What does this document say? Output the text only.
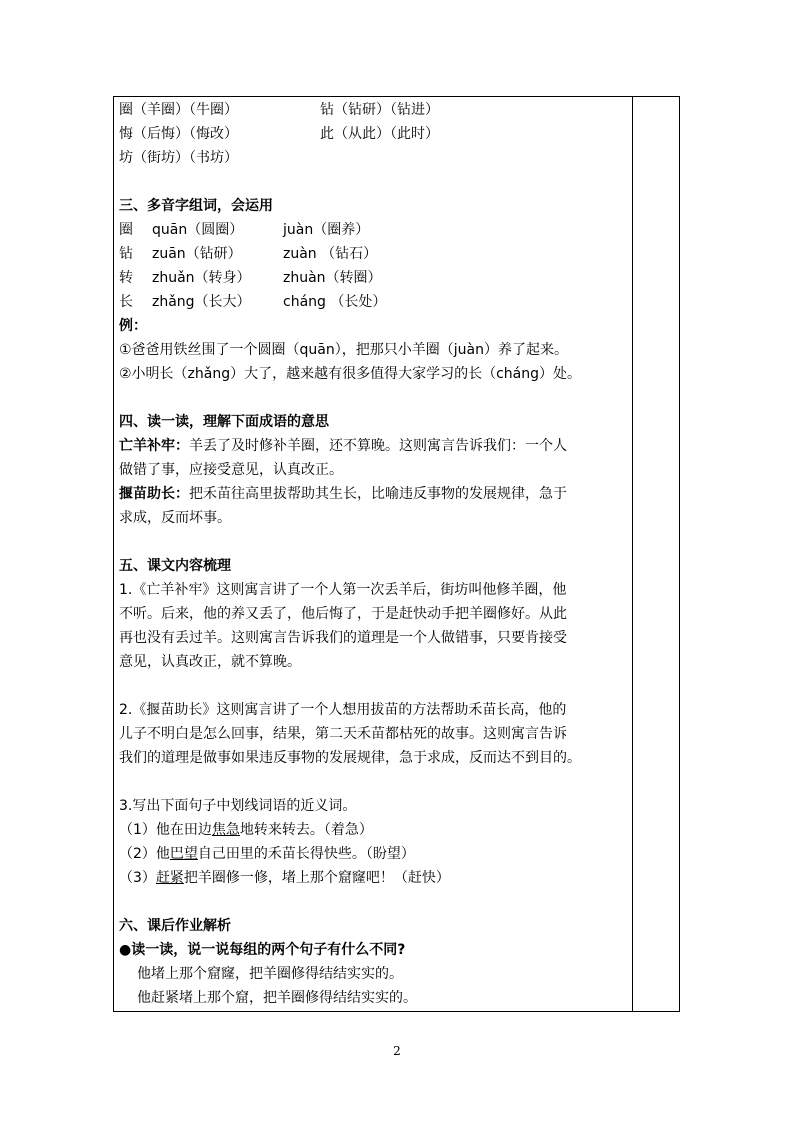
圈（羊圈）（牛圈）	钻（钻研）（钻进）
悔（后悔）（悔改）	此（从此）（此时）
坊（街坊）（书坊）
三、多音字组词，会运用
圈 quān（圆圈）	juàn（圈养）
钻 zuān（钻研）	zuàn （钻石）
转 zhuǎn（转身） zhuàn（转圈）
长 zhǎng（长大） cháng （长处）
例：
①爸爸用铁丝围了一个圆圈（quān），把那只小羊圈（juàn）养了起来。
②小明长（zhǎng）大了，越来越有很多值得大家学习的长（cháng）处。
四、读一读，理解下面成语的意思
亡羊补牢：羊丢了及时修补羊圈，还不算晚。这则寓言告诉我们：一个人
做错了事，应接受意见，认真改正。
揠苗助长：把禾苗往高里拔帮助其生长，比喻违反事物的发展规律，急于
求成，反而坏事。
五、课文内容梳理
1.《亡羊补牢》这则寓言讲了一个人第一次丢羊后，街坊叫他修羊圈，他
不听。后来，他的养又丢了，他后悔了，于是赶快动手把羊圈修好。从此
再也没有丢过羊。这则寓言告诉我们的道理是一个人做错事，只要肯接受
意见，认真改正，就不算晚。
2.《揠苗助长》这则寓言讲了一个人想用拔苗的方法帮助禾苗长高，他的
儿子不明白是怎么回事，结果，第二天禾苗都枯死的故事。这则寓言告诉
我们的道理是做事如果违反事物的发展规律，急于求成，反而达不到目的。
3.写出下面句子中划线词语的近义词。
（1）他在田边焦急地转来转去。（着急）
（2）他巴望自己田里的禾苗长得快些。（盼望）
（3）赶紧把羊圈修一修，堵上那个窟窿吧！（赶快）
六、课后作业解析
●读一读，说一说每组的两个句子有什么不同?
他堵上那个窟窿，把羊圈修得结结实实的。
他赶紧堵上那个窟，把羊圈修得结结实实的。
2
